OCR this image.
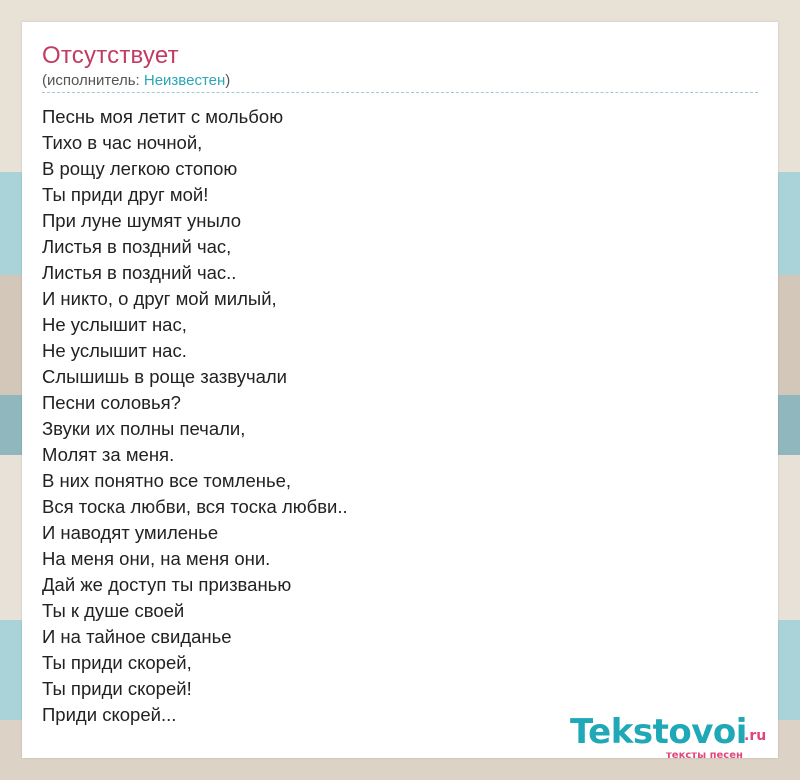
Отсутствует
(исполнитель: Неизвестен)
Песнь моя летит с мольбою
Тихо в час ночной,
В рощу легкою стопою
Ты приди друг мой!
При луне шумят уныло
Листья в поздний час,
Листья в поздний час..
И никто, о друг мой милый,
Не услышит нас,
Не услышит нас.
Слышишь в роще зазвучали
Песни соловья?
Звуки их полны печали,
Молят за меня.
В них понятно все томленье,
Вся тоска любви, вся тоска любви..
И наводят умиленье
На меня они, на меня они.
Дай же доступ ты призванью
Ты к душе своей
И на тайное свиданье
Ты приди скорей,
Ты приди скорей!
Приди скорей...	Tekstovoi
.ru
тексты песен
